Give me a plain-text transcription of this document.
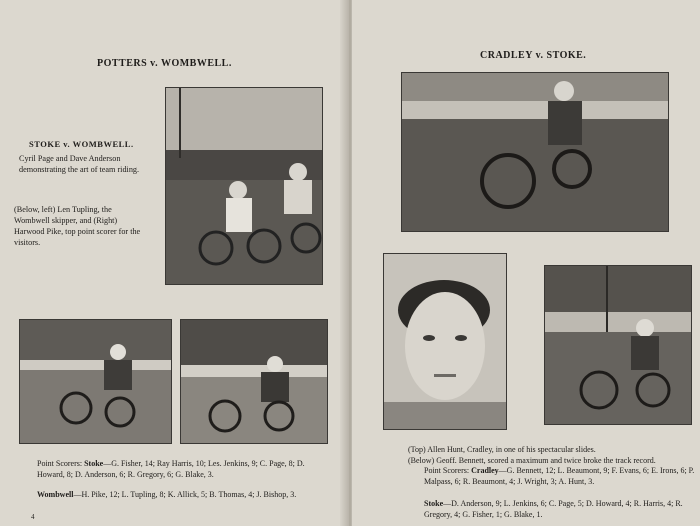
POTTERS v. WOMBWELL.
STOKE v. WOMBWELL.
Cyril Page and Dave Anderson demonstrating the art of team riding.
(Below, left) Len Tupling, the Wombwell skipper, and (Right) Harwood Pike, top point scorer for the visitors.
Point Scorers: Stoke—G. Fisher, 14; Ray Harris, 10; Les. Jenkins, 9; C. Page, 8; D. Howard, 8; D. Anderson, 6; R. Gregory, 6; G. Blake, 3.
Wombwell—H. Pike, 12; L. Tupling, 8; K. Allick, 5; B. Thomas, 4; J. Bishop, 3.
4
CRADLEY v. STOKE.
(Top) Allen Hunt, Cradley, in one of his spectacular slides.
(Below) Geoff. Bennett, scored a maximum and twice broke the track record.
Point Scorers: Cradley—G. Bennett, 12; L. Beaumont, 9; F. Evans, 6; E. Irons, 6; P. Malpass, 6; R. Beaumont, 4; J. Wright, 3; A. Hunt, 3.
Stoke—D. Anderson, 9; L. Jenkins, 6; C. Page, 5; D. Howard, 4; R. Harris, 4; R. Gregory, 4; G. Fisher, 1; G. Blake, 1.
